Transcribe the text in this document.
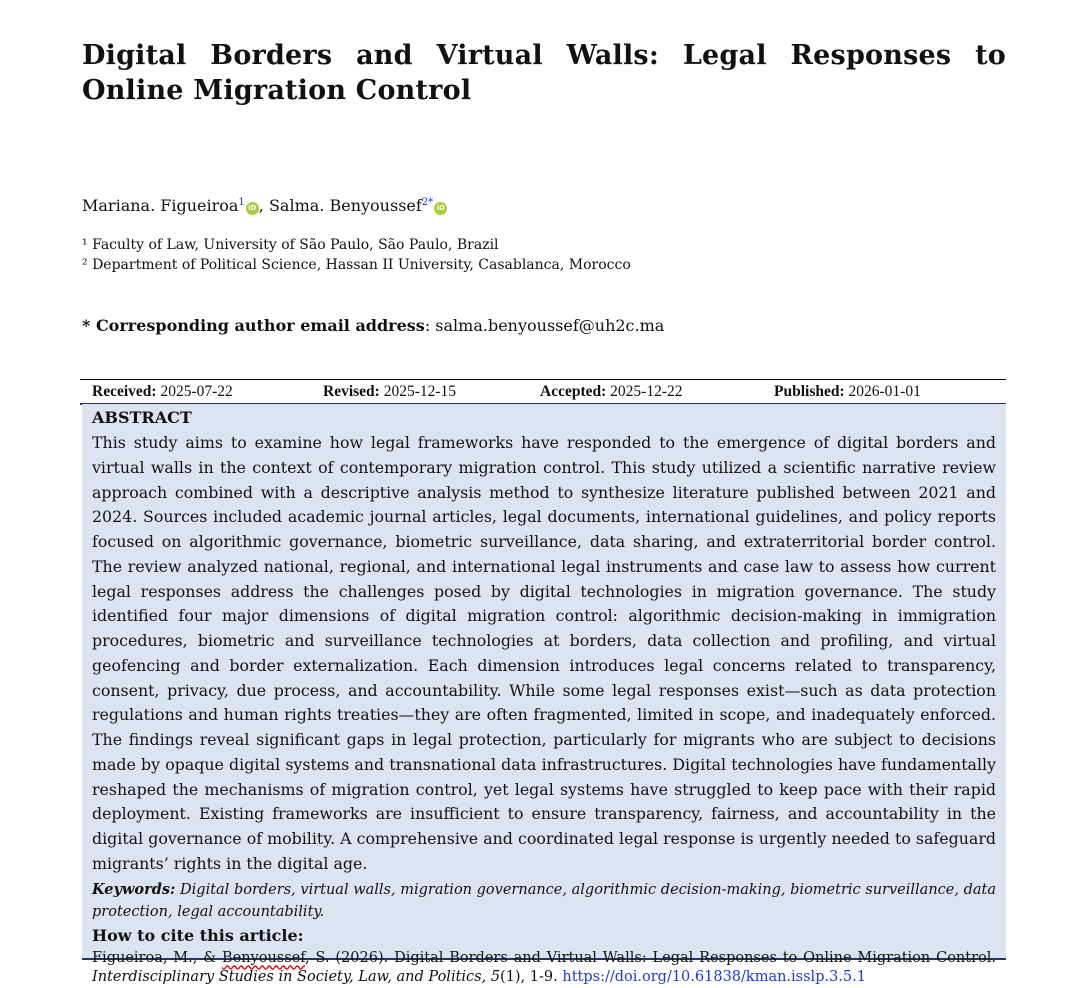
Digital Borders and Virtual Walls: Legal Responses to Online Migration Control
Mariana. Figueiroa$^1$ iD , Salma. Benyoussef$^{2*}$ iD
¹ Faculty of Law, University of São Paulo, São Paulo, Brazil
² Department of Political Science, Hassan II University, Casablanca, Morocco
* Corresponding author email address: salma.benyoussef@uh2c.ma
Received: 2025-07-22	Revised: 2025-12-15	Accepted: 2025-12-22	Published: 2026-01-01
ABSTRACT

This study aims to examine how legal frameworks have responded to the emergence of digital borders and virtual walls in the context of contemporary migration control. This study utilized a scientific narrative review approach combined with a descriptive analysis method to synthesize literature published between 2021 and 2024. Sources included academic journal articles, legal documents, international guidelines, and policy reports focused on algorithmic governance, biometric surveillance, data sharing, and extraterritorial border control. The review analyzed national, regional, and international legal instruments and case law to assess how current legal responses address the challenges posed by digital technologies in migration governance. The study identified four major dimensions of digital migration control: algorithmic decision-making in immigration procedures, biometric and surveillance technologies at borders, data collection and profiling, and virtual geofencing and border externalization. Each dimension introduces legal concerns related to transparency, consent, privacy, due process, and accountability. While some legal responses exist—such as data protection regulations and human rights treaties—they are often fragmented, limited in scope, and inadequately enforced. The findings reveal significant gaps in legal protection, particularly for migrants who are subject to decisions made by opaque digital systems and transnational data infrastructures. Digital technologies have fundamentally reshaped the mechanisms of migration control, yet legal systems have struggled to keep pace with their rapid deployment. Existing frameworks are insufficient to ensure transparency, fairness, and accountability in the digital governance of mobility. A comprehensive and coordinated legal response is urgently needed to safeguard migrants’ rights in the digital age.

Keywords: Digital borders, virtual walls, migration governance, algorithmic decision-making, biometric surveillance, data protection, legal accountability.
How to cite this article:
Figueiroa, M., & Benyoussef, S. (2026). Digital Borders and Virtual Walls: Legal Responses to Online Migration Control. Interdisciplinary Studies in Society, Law, and Politics, 5(1), 1-9. https://doi.org/10.61838/kman.isslp.3.5.1
